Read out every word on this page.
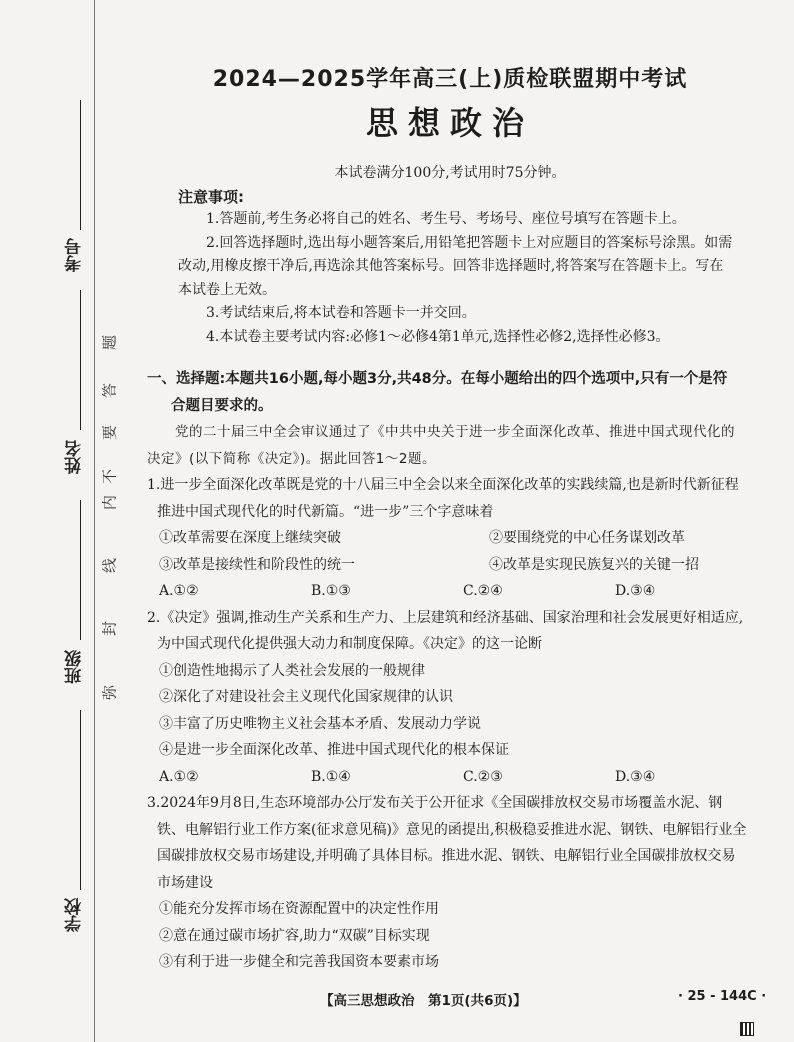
考号
姓名
班级
学校
弥
封
线
内
不
要
答
题
2024—2025学年高三(上)质检联盟期中考试
思想政治
本试卷满分100分,考试用时75分钟。
注意事项:

1.答题前,考生务必将自己的姓名、考生号、考场号、座位号填写在答题卡上。

2.回答选择题时,选出每小题答案后,用铅笔把答题卡上对应题目的答案标号涂黑。如需改动,用橡皮擦干净后,再选涂其他答案标号。回答非选择题时,将答案写在答题卡上。写在本试卷上无效。

3.考试结束后,将本试卷和答题卡一并交回。

4.本试卷主要考试内容:必修1～必修4第1单元,选择性必修2,选择性必修3。

一、选择题:本题共16小题,每小题3分,共48分。在每小题给出的四个选项中,只有一个是符
合题目要求的。

党的二十届三中全会审议通过了《中共中央关于进一步全面深化改革、推进中国式现代化的决定》(以下简称《决定》)。据此回答1～2题。

1.进一步全面深化改革既是党的十八届三中全会以来全面深化改革的实践续篇,也是新时代新征程推进中国式现代化的时代新篇。“进一步”三个字意味着

①改革需要在深度上继续突破	②要围绕党的中心任务谋划改革
③改革是接续性和阶段性的统一	④改革是实现民族复兴的关键一招
A.①②	B.①③	C.②④	D.③④

2.《决定》强调,推动生产关系和生产力、上层建筑和经济基础、国家治理和社会发展更好相适应,为中国式现代化提供强大动力和制度保障。《决定》的这一论断

①创造性地揭示了人类社会发展的一般规律

②深化了对建设社会主义现代化国家规律的认识

③丰富了历史唯物主义社会基本矛盾、发展动力学说

④是进一步全面深化改革、推进中国式现代化的根本保证

A.①②	B.①④	C.②③	D.③④

3.2024年9月8日,生态环境部办公厅发布关于公开征求《全国碳排放权交易市场覆盖水泥、钢铁、电解铝行业工作方案(征求意见稿)》意见的函提出,积极稳妥推进水泥、钢铁、电解铝行业全国碳排放权交易市场建设,并明确了具体目标。推进水泥、钢铁、电解铝行业全国碳排放权交易市场建设

①能充分发挥市场在资源配置中的决定性作用

②意在通过碳市场扩容,助力“双碳”目标实现

③有利于进一步健全和完善我国资本要素市场

【高三思想政治　第1页(共6页)】	· 25 - 144C ·
